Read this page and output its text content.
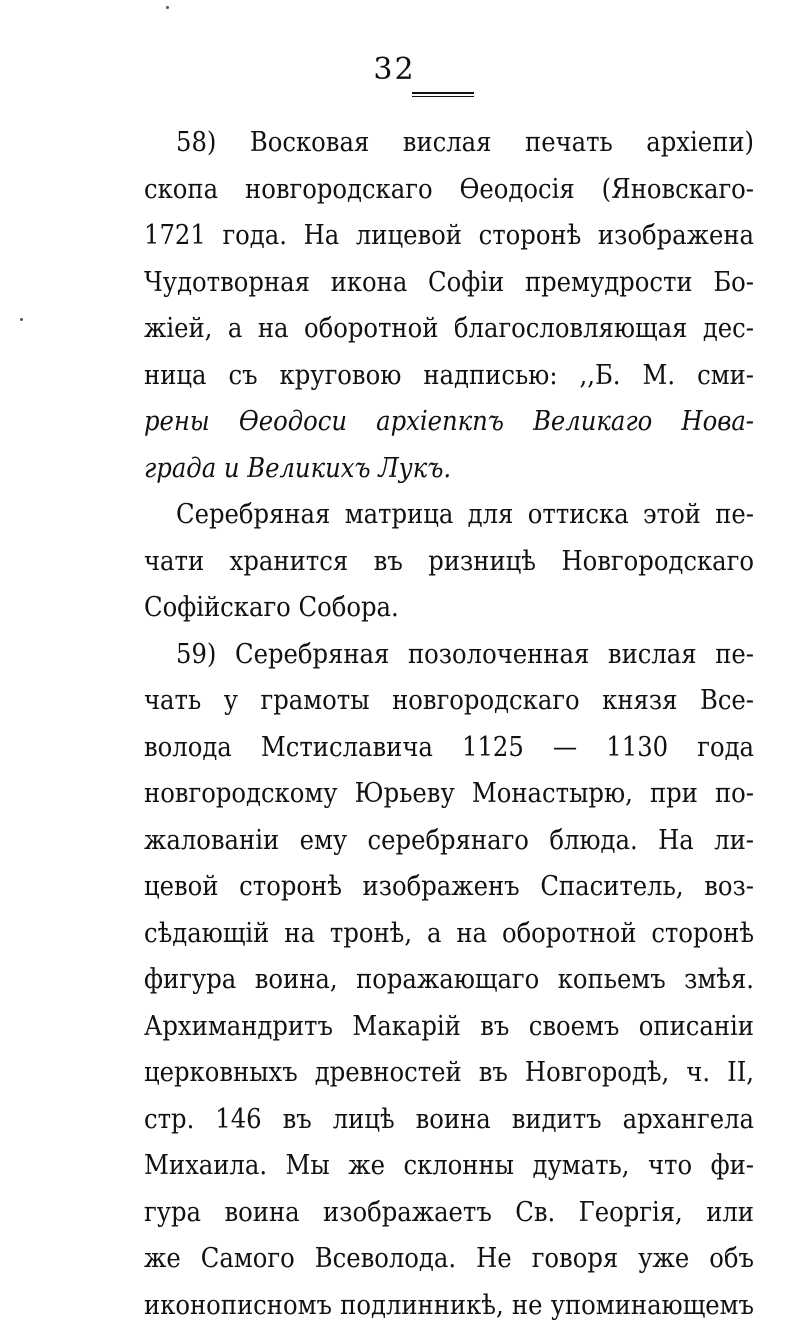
32
58) Восковая вислая печать архіепи)
скопа новгородскаго Ѳеодосія (Яновскаго-
1721 года. На лицевой сторонѣ изображена
Чудотворная икона Софіи премудрости Бо-
жіей, а на оборотной благословляющая дес-
ница съ круговою надписью: ,,Б. М. сми-
рены Ѳеодоси архіепкпъ Великаго Нова-
града и Великихъ Лукъ.
Серебряная матрица для оттиска этой пе-
чати хранится въ ризницѣ Новгородскаго
Софійскаго Собора.
59) Серебряная позолоченная вислая пе-
чать у грамоты новгородскаго князя Все-
волода Мстиславича 1125 — 1130 года
новгородскому Юрьеву Монастырю, при по-
жалованіи ему серебрянаго блюда. На ли-
цевой сторонѣ изображенъ Спаситель, воз-
сѣдающій на тронѣ, а на оборотной сторонѣ
фигура воина, поражающаго копьемъ змѣя.
Архимандритъ Макарій въ своемъ описаніи
церковныхъ древностей въ Новгородѣ, ч. II,
стр. 146 въ лицѣ воина видитъ архангела
Михаила. Мы же склонны думать, что фи-
гура воина изображаетъ Св. Георгія, или
же Самого Всеволода. Не говоря уже объ
иконописномъ подлинникѣ, не упоминающемъ
